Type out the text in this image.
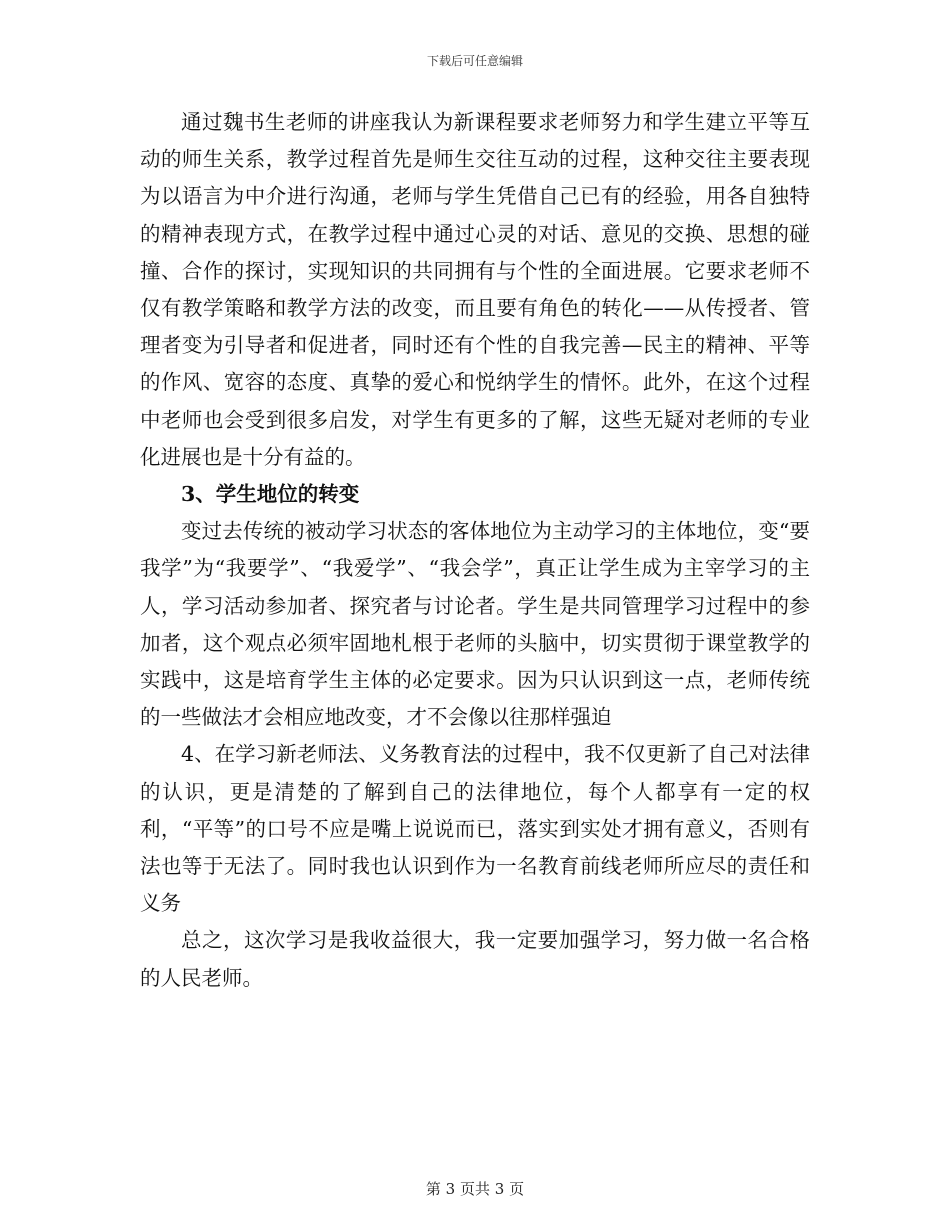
下载后可任意编辑

通过魏书生老师的讲座我认为新课程要求老师努力和学生建立平等互动的师生关系，教学过程首先是师生交往互动的过程，这种交往主要表现为以语言为中介进行沟通，老师与学生凭借自己已有的经验，用各自独特的精神表现方式，在教学过程中通过心灵的对话、意见的交换、思想的碰撞、合作的探讨，实现知识的共同拥有与个性的全面进展。它要求老师不仅有教学策略和教学方法的改变，而且要有角色的转化——从传授者、管理者变为引导者和促进者，同时还有个性的自我完善—民主的精神、平等的作风、宽容的态度、真挚的爱心和悦纳学生的情怀。此外，在这个过程中老师也会受到很多启发，对学生有更多的了解，这些无疑对老师的专业化进展也是十分有益的。

3、学生地位的转变

变过去传统的被动学习状态的客体地位为主动学习的主体地位，变“要我学”为“我要学”、“我爱学”、“我会学”，真正让学生成为主宰学习的主人，学习活动参加者、探究者与讨论者。学生是共同管理学习过程中的参加者，这个观点必须牢固地札根于老师的头脑中，切实贯彻于课堂教学的实践中，这是培育学生主体的必定要求。因为只认识到这一点，老师传统的一些做法才会相应地改变，才不会像以往那样强迫

4、在学习新老师法、义务教育法的过程中，我不仅更新了自己对法律的认识，更是清楚的了解到自己的法律地位，每个人都享有一定的权利，“平等”的口号不应是嘴上说说而已，落实到实处才拥有意义，否则有法也等于无法了。同时我也认识到作为一名教育前线老师所应尽的责任和义务

总之，这次学习是我收益很大，我一定要加强学习，努力做一名合格的人民老师。

第 3 页共 3 页
